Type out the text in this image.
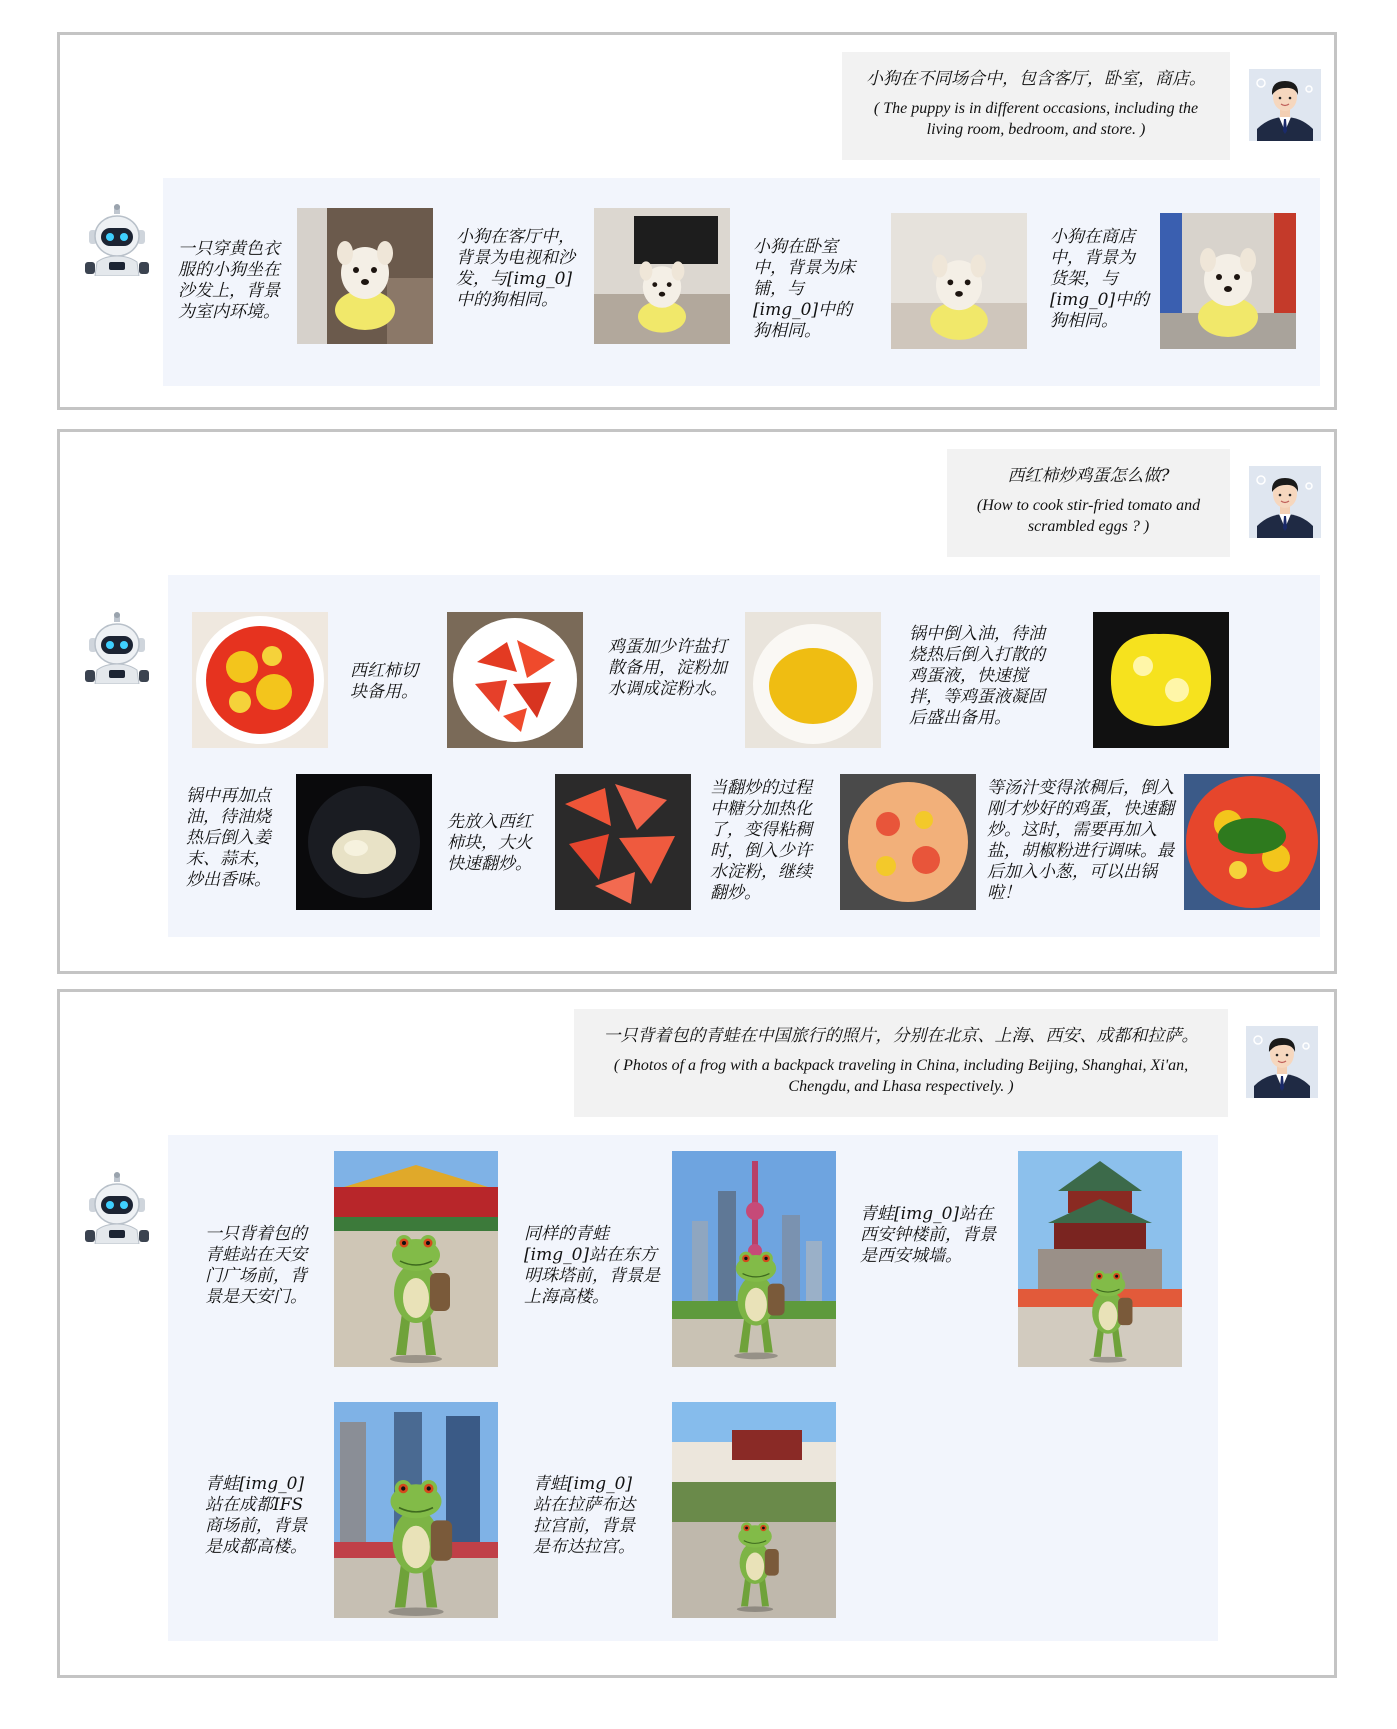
小狗在不同场合中，包含客厅，卧室，商店。
( The puppy is in different occasions, including the living room, bedroom, and store. )
一只穿黄色衣服的小狗坐在沙发上，背景为室内环境。
小狗在客厅中，背景为电视和沙发，与[img_0]中的狗相同。
小狗在卧室中，背景为床铺，与[img_0]中的狗相同。
小狗在商店中，背景为货架，与[img_0]中的狗相同。
西红柿炒鸡蛋怎么做?
(How to cook stir-fried tomato and scrambled eggs ? )
西红柿切块备用。
鸡蛋加少许盐打散备用，淀粉加水调成淀粉水。
锅中倒入油，待油烧热后倒入打散的鸡蛋液，快速搅拌，等鸡蛋液凝固后盛出备用。
锅中再加点油，待油烧热后倒入姜末、蒜末，炒出香味。
先放入西红柿块，大火快速翻炒。
当翻炒的过程中糖分加热化了，变得粘稠时，倒入少许水淀粉，继续翻炒。
等汤汁变得浓稠后，倒入刚才炒好的鸡蛋，快速翻炒。这时，需要再加入盐，胡椒粉进行调味。最后加入小葱，可以出锅啦！
一只背着包的青蛙在中国旅行的照片，分别在北京、上海、西安、成都和拉萨。
( Photos of a frog with a backpack traveling in China, including Beijing, Shanghai, Xi'an, Chengdu, and Lhasa respectively. )
一只背着包的青蛙站在天安门广场前，背景是天安门。
同样的青蛙[img_0]站在东方明珠塔前，背景是上海高楼。
青蛙[img_0]站在西安钟楼前，背景是西安城墙。
青蛙[img_0]站在成都IFS商场前，背景是成都高楼。
青蛙[img_0]站在拉萨布达拉宫前，背景是布达拉宫。
